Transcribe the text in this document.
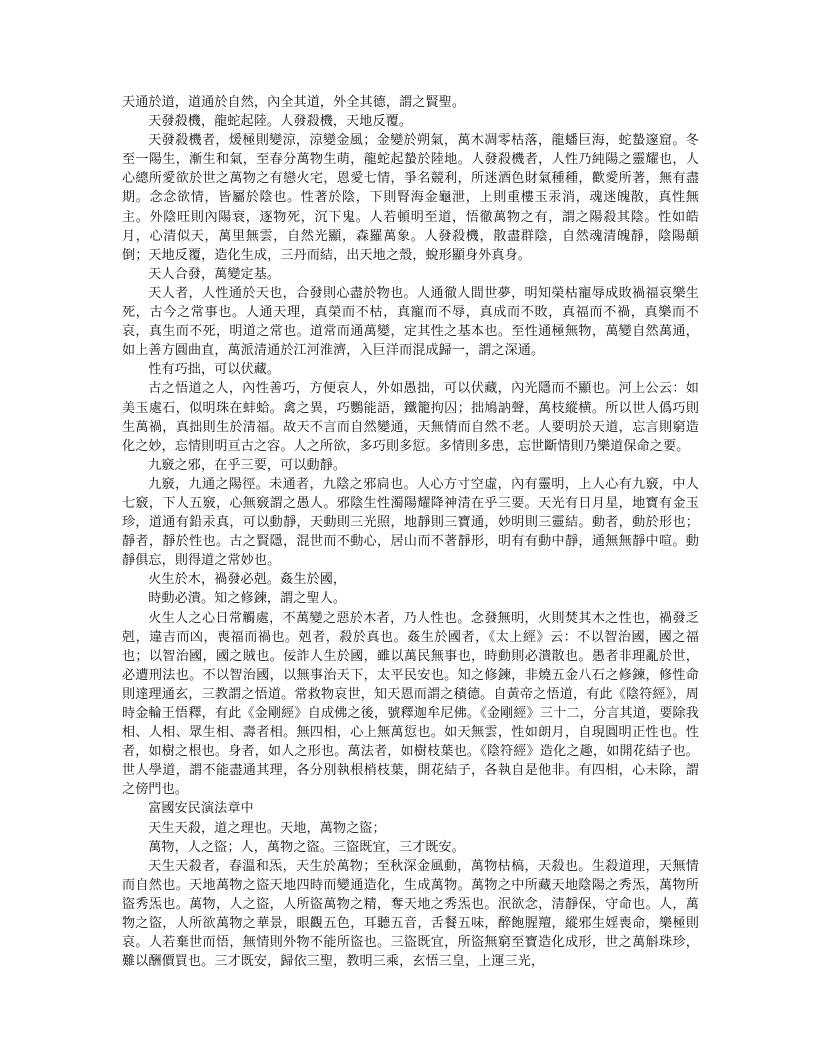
天通於道，道通於自然，內全其道，外全其德，謂之賢聖。

天發殺機，龍蛇起陸。人發殺機，天地反覆。

天發殺機者，煖極則變涼，涼變金風；金變於朔氣，萬木凋零枯落，龍蟠巨海，蛇蟄邃窟。冬至一陽生，漸生和氣，至春分萬物生萌，龍蛇起蟄於陸地。人發殺機者，人性乃純陽之靈耀也，人心總所愛欲於世之萬物之有戀火宅，恩愛七情，爭名競利，所迷酒色財氣種種，歡愛所著，無有盡期。念念欲情，皆屬於陰也。性著於陰，下則腎海金龜泄，上則重樓玉汞消，魂迷魄散，真性無主。外陰旺則內陽衰，逐物死，沉下鬼。人若頓明至道，悟徹萬物之有，謂之陽殺其陰。性如皓月，心清似天，萬里無雲，自然光顯，森羅萬象。人發殺機，散盡群陰，自然魂清魄靜，陰陽顛倒；天地反覆，造化生成，三丹而結，出天地之殼，蛻形顯身外真身。

天人合發，萬變定基。

天人者，人性通於天也，合發則心盡於物也。人通徹人間世夢，明知榮枯寵辱成敗禍福哀樂生死，古今之常事也。人通天理，真榮而不枯，真寵而不辱，真成而不敗，真福而不禍，真樂而不哀，真生而不死，明道之常也。道常而通萬變，定其性之基本也。至性通極無物，萬變自然萬通，如上善方圓曲直，萬派清通於江河淮濟，入巨洋而混成歸一，謂之深通。

性有巧拙，可以伏藏。

古之悟道之人，內性善巧，方便哀人，外如愚拙，可以伏藏，內光隱而不顯也。河上公云：如美玉處石，似明珠在蚌蛤。禽之異，巧鸚能語，鐵籠拘囚；拙鳩訥聲，萬枝縱横。所以世人僞巧則生萬禍，真拙則生於清福。故天不言而自然變通，天無情而自然不老。人要明於天道，忘言則窮造化之妙，忘情則明亘古之容。人之所欲，多巧則多愆。多情則多患，忘世斷情則乃樂道保命之要。

九竅之邪，在乎三要，可以動靜。

九竅，九通之陽徑。未通者，九陰之邪扃也。人心方寸空虛，內有靈明，上人心有九竅，中人七竅，下人五竅，心無竅謂之愚人。邪陰生性濁陽耀降神清在乎三要。天光有日月星，地寶有金玉珍，道通有鉛汞真，可以動靜，天動則三光照，地靜則三寶通，妙明則三靈結。動者，動於形也；靜者，靜於性也。古之賢隱，混世而不動心，居山而不著靜形，明有有動中靜，通無無靜中喧。動靜俱忘，則得道之常妙也。

火生於木，禍發必剋。姦生於國，

時動必潰。知之修鍊，謂之聖人。

火生人之心日常觸處，不萬變之惡於木者，乃人性也。念發無明，火則焚其木之性也，禍發乏剋，違吉而凶，喪福而禍也。剋者，殺於真也。姦生於國者，《太上經》云：不以智治國，國之福也；以智治國，國之賊也。佞詐人生於國，雖以萬民無事也，時動則必潰散也。愚者非理亂於世，必遭刑法也。不以智治國，以無事治天下，太平民安也。知之修鍊，非燒五金八石之修鍊，修性命則達理通玄，三教謂之悟道。常救物哀世，知天恩而謂之積德。自黃帝之悟道，有此《陰符經》，周時金輪王悟釋，有此《金剛經》自成佛之後，號釋迦牟尼佛。《金剛經》三十二，分言其道，要除我相、人相、眾生相、壽者相。無四相，心上無萬愆也。如天無雲，性如朗月，自現圓明正性也。性者，如樹之根也。身者，如人之形也。萬法者，如樹枝葉也。《陰符經》造化之趣，如開花結子也。世人學道，謂不能盡通其理，各分別執根梢枝葉，開花結子，各執自是他非。有四相，心未除，謂之傍門也。

富國安民演法章中

天生天殺，道之理也。天地，萬物之盜；

萬物，人之盜；人，萬物之盜。三盜既宜，三才既安。

天生天殺者，春溫和炁，天生於萬物；至秋深金風動，萬物枯槁，天殺也。生殺道理，天無情而自然也。天地萬物之盜天地四時而變通造化，生成萬物。萬物之中所藏天地陰陽之秀炁，萬物所盜秀炁也。萬物，人之盜，人所盜萬物之精，奪天地之秀炁也。泯欲念，清靜保，守命也。人，萬物之盜，人所欲萬物之華景，眼觀五色，耳聽五音，舌餐五味，醉飽腥羶，縱邪生婬喪命，樂極則哀。人若棄世而悟，無情則外物不能所盜也。三盜既宜，所盜無窮至寶造化成形，世之萬斛珠珍，難以酬價買也。三才既安，歸依三聖，教明三乘，玄悟三皇，上運三光，
